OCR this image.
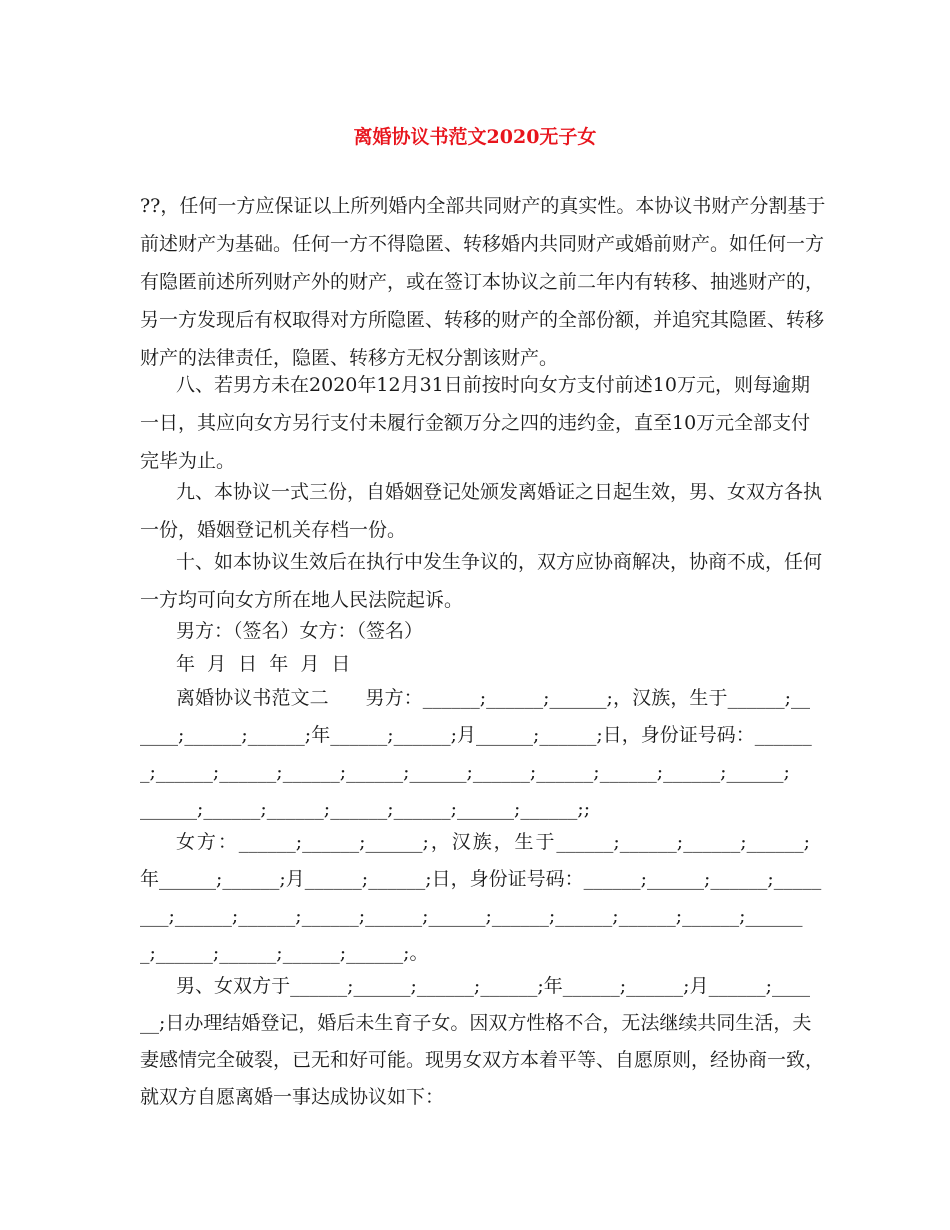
离婚协议书范文2020无子女
??，任何一方应保证以上所列婚内全部共同财产的真实性。本协议书财产分割基于
前述财产为基础。任何一方不得隐匿、转移婚内共同财产或婚前财产。如任何一方
有隐匿前述所列财产外的财产，或在签订本协议之前二年内有转移、抽逃财产的，
另一方发现后有权取得对方所隐匿、转移的财产的全部份额，并追究其隐匿、转移
财产的法律责任，隐匿、转移方无权分割该财产。
八、若男方未在2020年12月31日前按时向女方支付前述10万元，则每逾期
一日，其应向女方另行支付未履行金额万分之四的违约金，直至10万元全部支付
完毕为止。
九、本协议一式三份，自婚姻登记处颁发离婚证之日起生效，男、女双方各执
一份，婚姻登记机关存档一份。
十、如本协议生效后在执行中发生争议的，双方应协商解决，协商不成，任何
一方均可向女方所在地人民法院起诉。
男方：（签名）女方：（签名）
年  月  日  年  月  日
离婚协议书范文二      男方：______;______;______;，汉族，生于______;__
____;______;______;年______;______;月______;______;日，身份证号码：______
_;______;______;______;______;______;______;______;______;______;______;
______;______;______;______;______;______;______;;
女方：______;______;______;，汉族，生于______;______;______;______;
年______;______;月______;______;日，身份证号码：______;______;______;_____
___;______;______;______;______;______;______;______;______;______;______
_;______;______;______;______;。
男、女双方于______;______;______;______;年______;______;月______;____
__;日办理结婚登记，婚后未生育子女。因双方性格不合，无法继续共同生活，夫
妻感情完全破裂，已无和好可能。现男女双方本着平等、自愿原则，经协商一致，
就双方自愿离婚一事达成协议如下：
